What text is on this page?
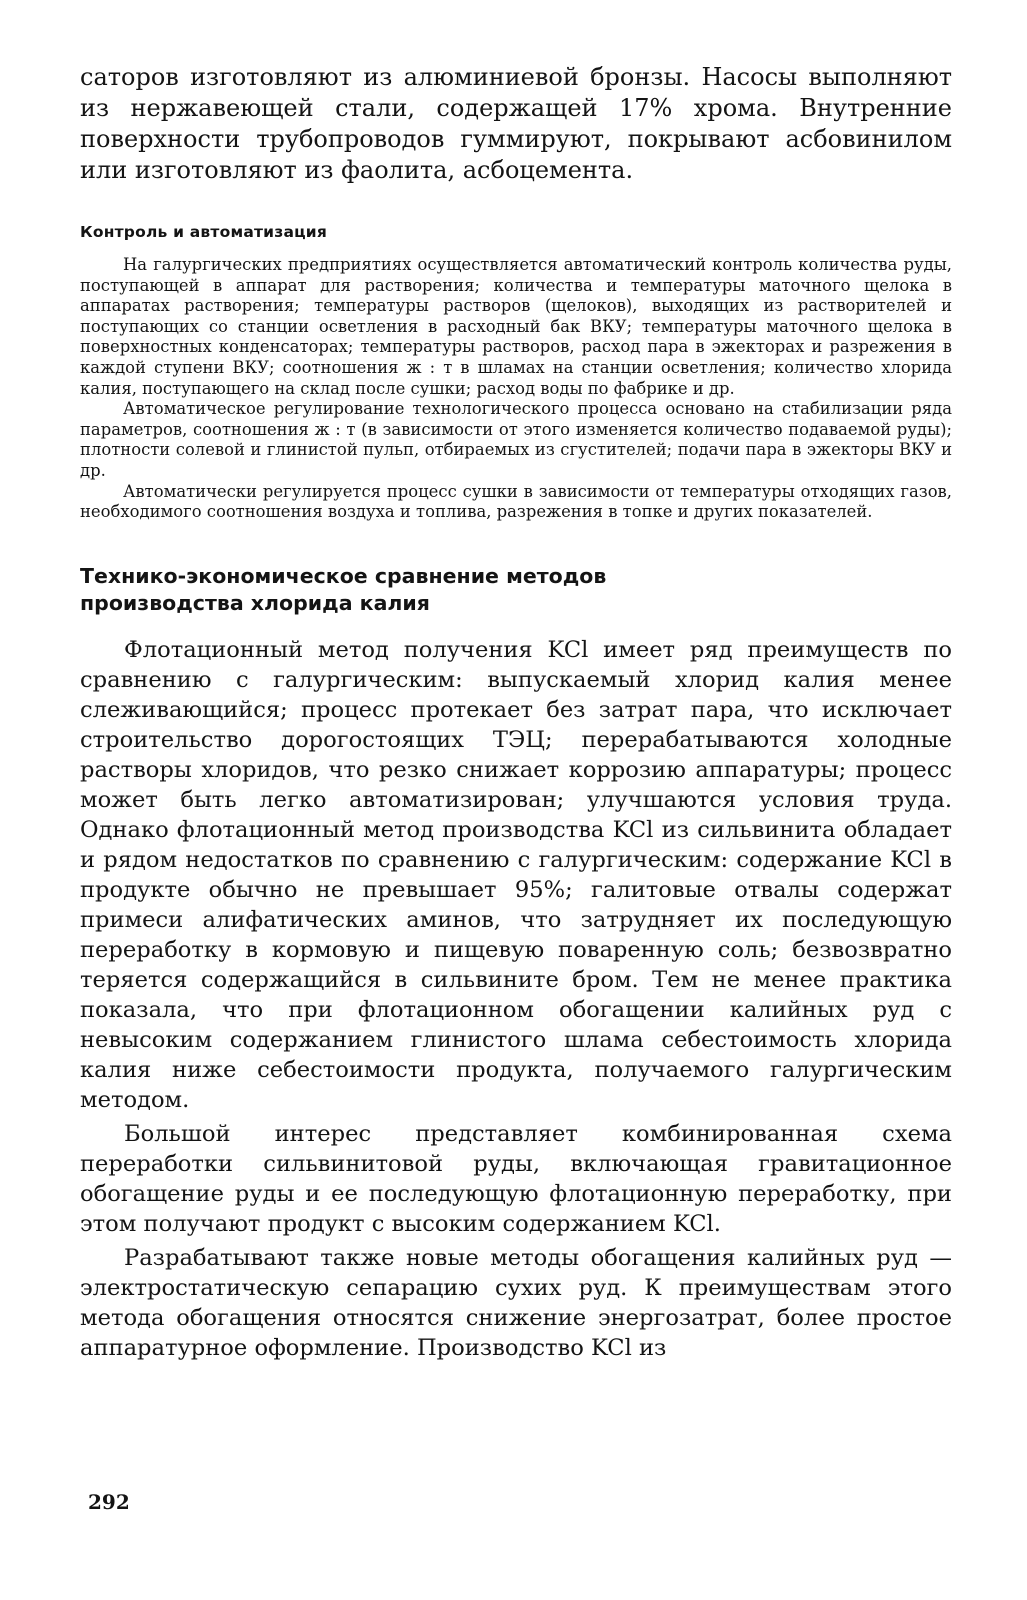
саторов изготовляют из алюминиевой бронзы. Насосы выполняют из нержавеющей стали, содержащей 17% хрома. Внутренние поверхности трубопроводов гуммируют, покрывают асбовинилом или изготовляют из фаолита, асбоцемента.

Контроль и автоматизация

На галургических предприятиях осуществляется автоматический контроль количества руды, поступающей в аппарат для растворения; количества и температуры маточного щелока в аппаратах растворения; температуры растворов (щелоков), выходящих из растворителей и поступающих со станции осветления в расходный бак ВКУ; температуры маточного щелока в поверхностных конденсаторах; температуры растворов, расход пара в эжекторах и разрежения в каждой ступени ВКУ; соотношения ж : т в шламах на станции осветления; количество хлорида калия, поступающего на склад после сушки; расход воды по фабрике и др.

Автоматическое регулирование технологического процесса основано на стабилизации ряда параметров, соотношения ж : т (в зависимости от этого изменяется количество подаваемой руды); плотности солевой и глинистой пульп, отбираемых из сгустителей; подачи пара в эжекторы ВКУ и др.

Автоматически регулируется процесс сушки в зависимости от температуры отходящих газов, необходимого соотношения воздуха и топлива, разрежения в топке и других показателей.

Технико-экономическое сравнение методов
производства хлорида калия

Флотационный метод получения KCl имеет ряд преимуществ по сравнению с галургическим: выпускаемый хлорид калия менее слеживающийся; процесс протекает без затрат пара, что исключает строительство дорогостоящих ТЭЦ; перерабатываются холодные растворы хлоридов, что резко снижает коррозию аппаратуры; процесс может быть легко автоматизирован; улучшаются условия труда. Однако флотационный метод производства KCl из сильвинита обладает и рядом недостатков по сравнению с галургическим: содержание KCl в продукте обычно не превышает 95%; галитовые отвалы содержат примеси алифатических аминов, что затрудняет их последующую переработку в кормовую и пищевую поваренную соль; безвозвратно теряется содержащийся в сильвините бром. Тем не менее практика показала, что при флотационном обогащении калийных руд с невысоким содержанием глинистого шлама себестоимость хлорида калия ниже себестоимости продукта, получаемого галургическим методом.

Большой интерес представляет комбинированная схема переработки сильвинитовой руды, включающая гравитационное обогащение руды и ее последующую флотационную переработку, при этом получают продукт с высоким содержанием KCl.

Разрабатывают также новые методы обогащения калийных руд — электростатическую сепарацию сухих руд. К преимуществам этого метода обогащения относятся снижение энергозатрат, более простое аппаратурное оформление. Производство KCl из

292
